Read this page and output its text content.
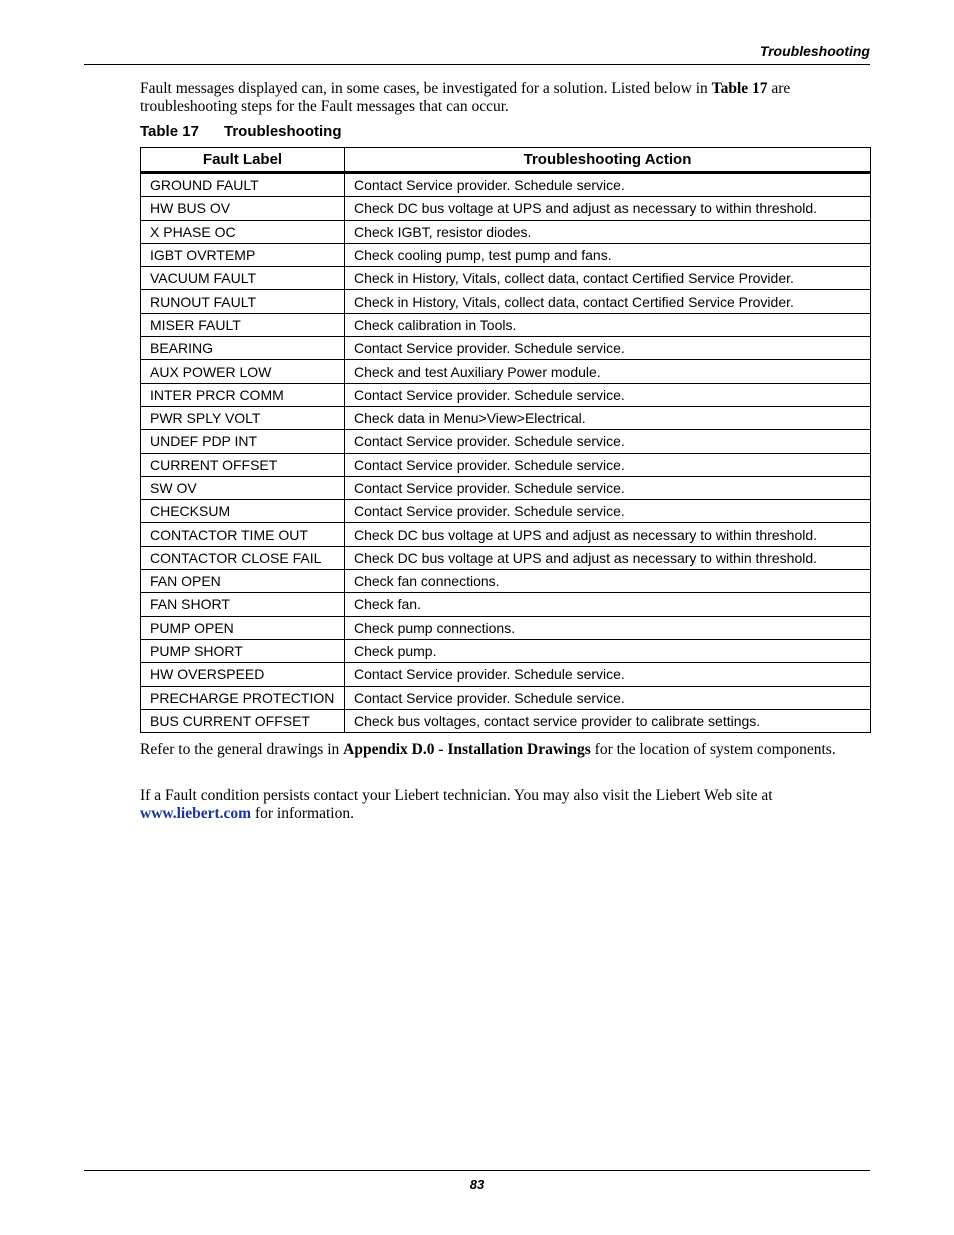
Troubleshooting
Fault messages displayed can, in some cases, be investigated for a solution. Listed below in Table 17 are troubleshooting steps for the Fault messages that can occur.
Table 17 Troubleshooting
Fault Label	Troubleshooting Action
GROUND FAULT	Contact Service provider. Schedule service.
HW BUS OV	Check DC bus voltage at UPS and adjust as necessary to within threshold.
X PHASE OC	Check IGBT, resistor diodes.
IGBT OVRTEMP	Check cooling pump, test pump and fans.
VACUUM FAULT	Check in History, Vitals, collect data, contact Certified Service Provider.
RUNOUT FAULT	Check in History, Vitals, collect data, contact Certified Service Provider.
MISER FAULT	Check calibration in Tools.
BEARING	Contact Service provider. Schedule service.
AUX POWER LOW	Check and test Auxiliary Power module.
INTER PRCR COMM	Contact Service provider. Schedule service.
PWR SPLY VOLT	Check data in Menu>View>Electrical.
UNDEF PDP INT	Contact Service provider. Schedule service.
CURRENT OFFSET	Contact Service provider. Schedule service.
SW OV	Contact Service provider. Schedule service.
CHECKSUM	Contact Service provider. Schedule service.
CONTACTOR TIME OUT	Check DC bus voltage at UPS and adjust as necessary to within threshold.
CONTACTOR CLOSE FAIL	Check DC bus voltage at UPS and adjust as necessary to within threshold.
FAN OPEN	Check fan connections.
FAN SHORT	Check fan.
PUMP OPEN	Check pump connections.
PUMP SHORT	Check pump.
HW OVERSPEED	Contact Service provider. Schedule service.
PRECHARGE PROTECTION	Contact Service provider. Schedule service.
BUS CURRENT OFFSET	Check bus voltages, contact service provider to calibrate settings.
Refer to the general drawings in Appendix D.0 - Installation Drawings for the location of system components.
If a Fault condition persists contact your Liebert technician. You may also visit the Liebert Web site at www.liebert.com for information.
83
